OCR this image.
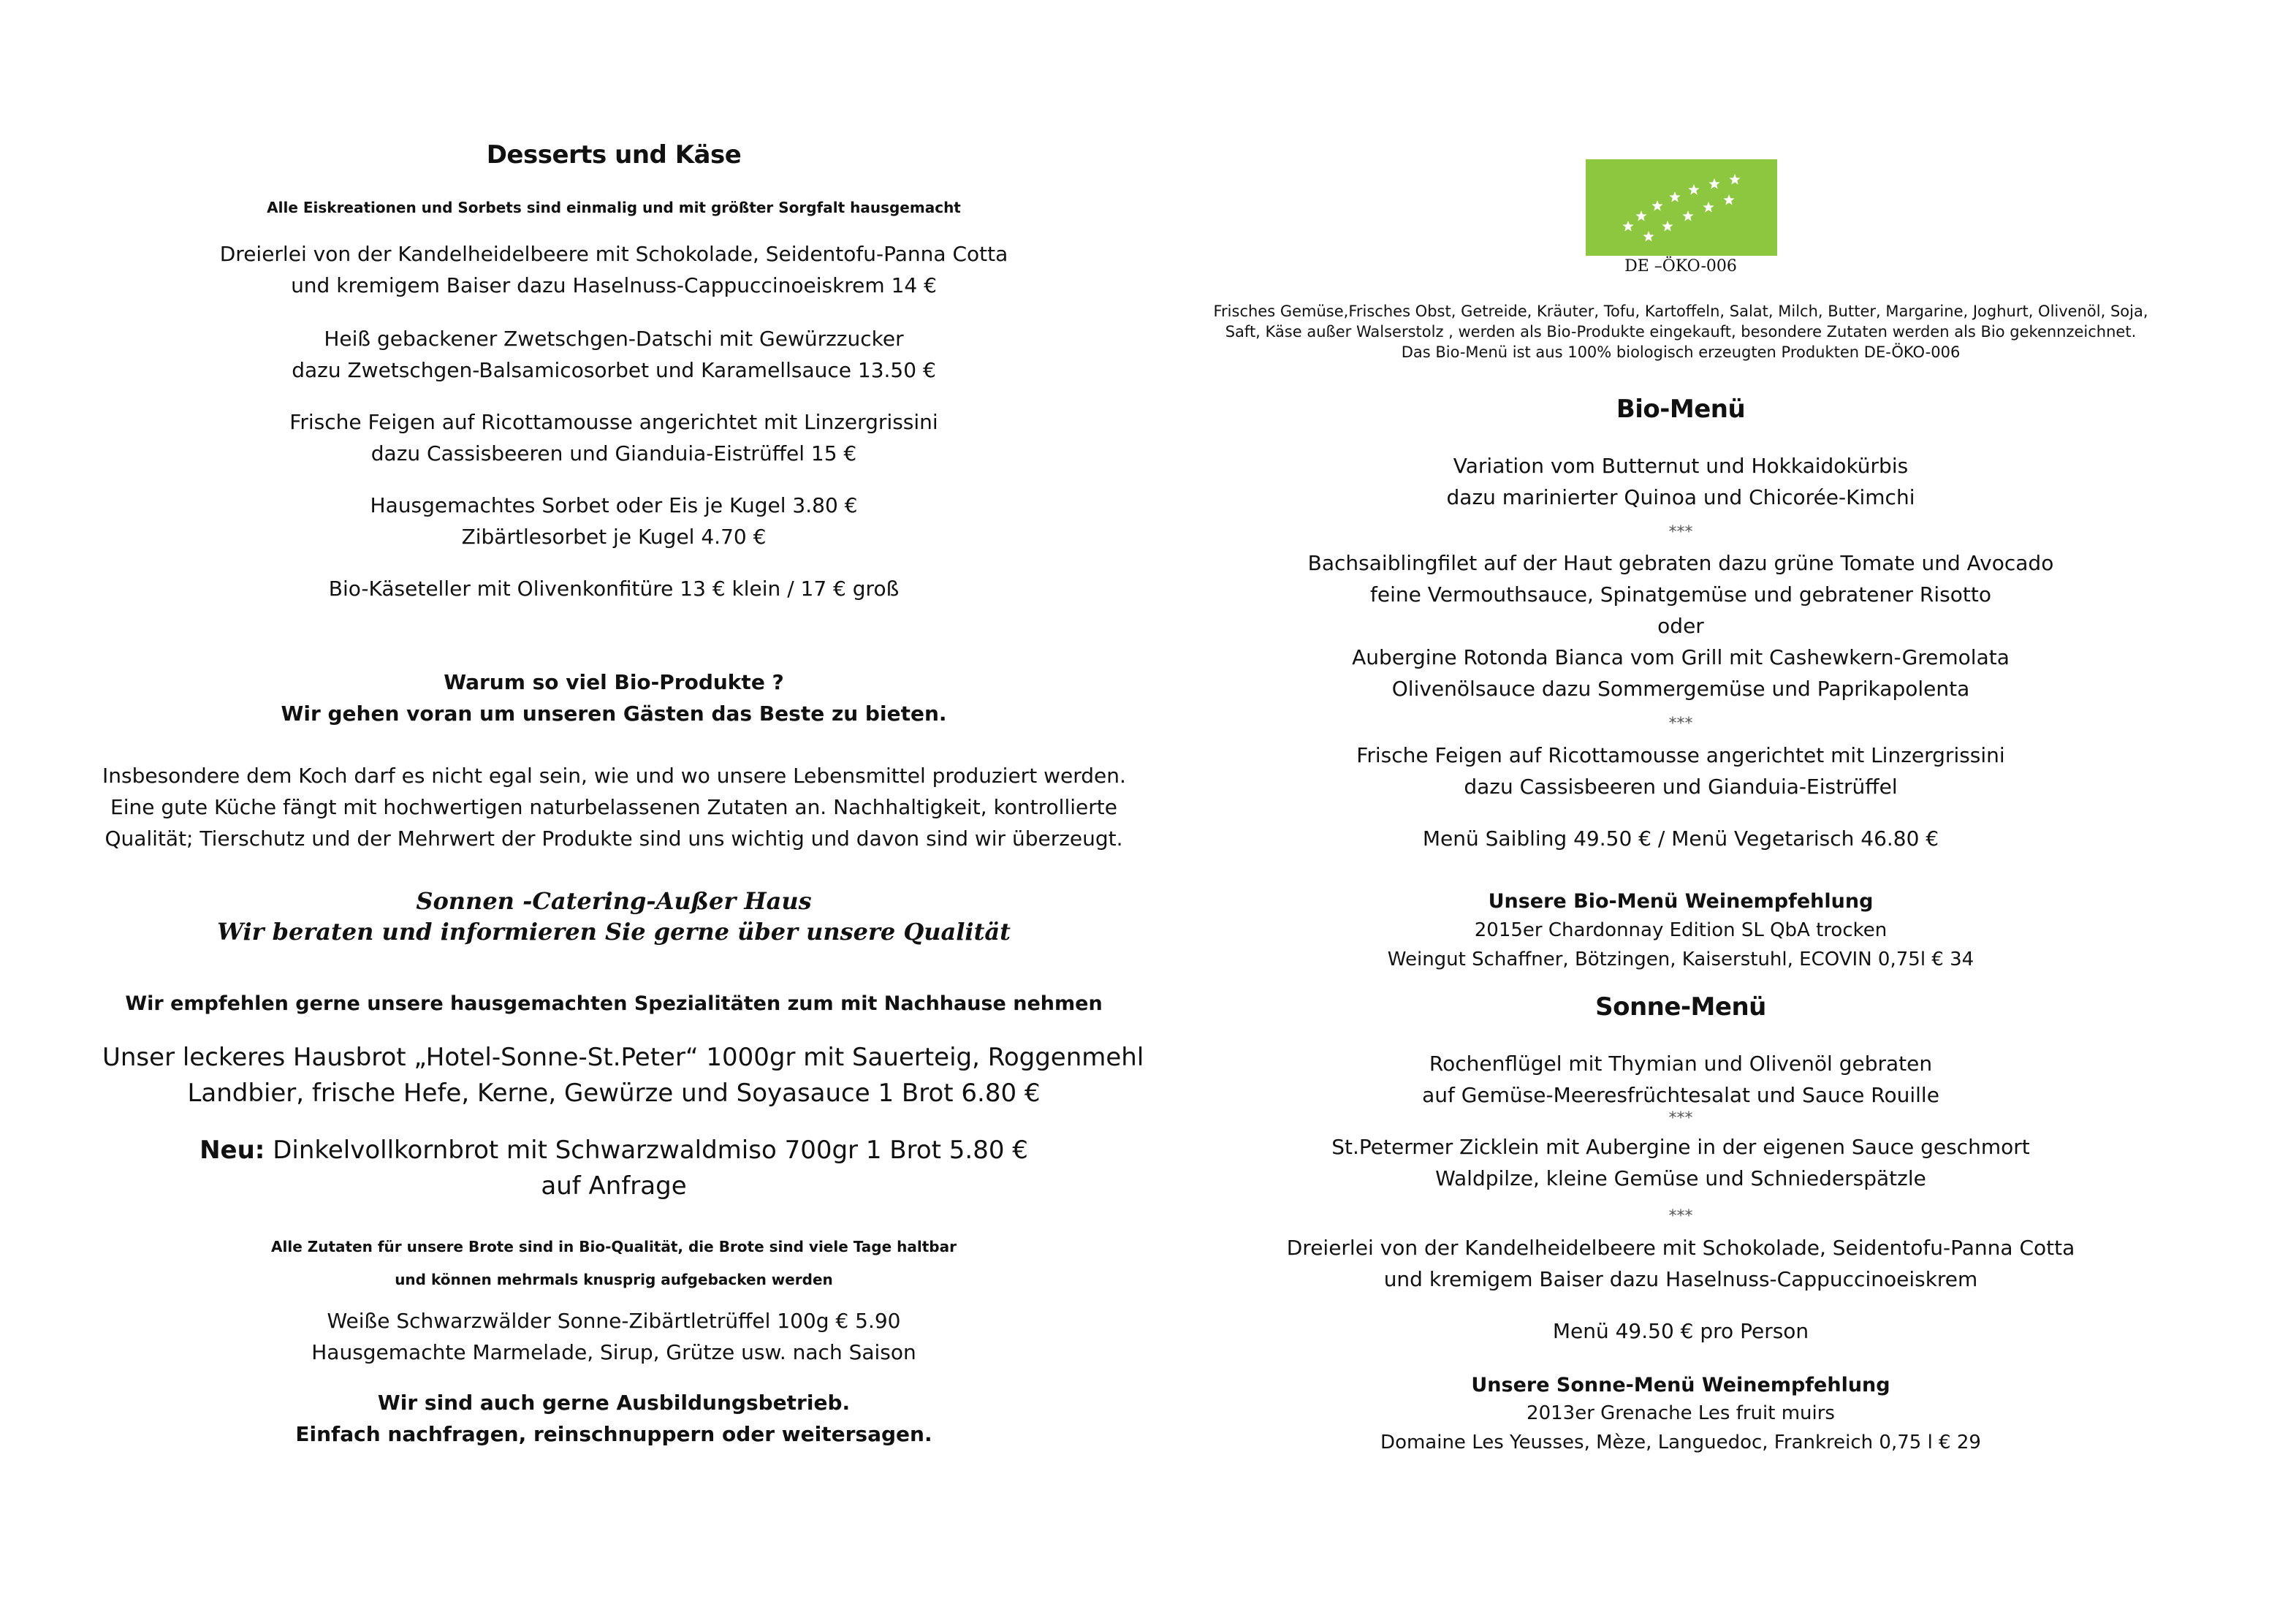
Desserts und Käse
Alle Eiskreationen und Sorbets sind einmalig und mit größter Sorgfalt hausgemacht
Dreierlei von der Kandelheidelbeere mit Schokolade, Seidentofu-Panna Cotta
und kremigem Baiser dazu Haselnuss-Cappuccinoeiskrem 14 €
Heiß gebackener Zwetschgen-Datschi mit Gewürzzucker
dazu Zwetschgen-Balsamicosorbet und Karamellsauce 13.50 €
Frische Feigen auf Ricottamousse angerichtet mit Linzergrissini
dazu Cassisbeeren und Gianduia-Eistrüffel 15 €
Hausgemachtes Sorbet oder Eis je Kugel 3.80 €
Zibärtlesorbet je Kugel 4.70 €
Bio-Käseteller mit Olivenkonfitüre 13 € klein / 17 € groß
Warum so viel Bio-Produkte ?
Wir gehen voran um unseren Gästen das Beste zu bieten.
Insbesondere dem Koch darf es nicht egal sein, wie und wo unsere Lebensmittel produziert werden.
Eine gute Küche fängt mit hochwertigen naturbelassenen Zutaten an. Nachhaltigkeit, kontrollierte
Qualität; Tierschutz und der Mehrwert der Produkte sind uns wichtig und davon sind wir überzeugt.
Sonnen -Catering-Außer Haus
Wir beraten und informieren Sie gerne über unsere Qualität
Wir empfehlen gerne unsere hausgemachten Spezialitäten zum mit Nachhause nehmen
Unser leckeres Hausbrot „Hotel-Sonne-St.Peter“ 1000gr mit Sauerteig, Roggenmehl
Landbier, frische Hefe, Kerne, Gewürze und Soyasauce 1 Brot 6.80 €
Neu: Dinkelvollkornbrot mit Schwarzwaldmiso 700gr 1 Brot 5.80 €
auf Anfrage
Alle Zutaten für unsere Brote sind in Bio-Qualität, die Brote sind viele Tage haltbar
und können mehrmals knusprig aufgebacken werden
Weiße Schwarzwälder Sonne-Zibärtletrüffel 100g € 5.90
Hausgemachte Marmelade, Sirup, Grütze usw. nach Saison
Wir sind auch gerne Ausbildungsbetrieb.
Einfach nachfragen, reinschnuppern oder weitersagen.
DE –ÖKO-006
Frisches Gemüse,Frisches Obst, Getreide, Kräuter, Tofu, Kartoffeln, Salat, Milch, Butter, Margarine, Joghurt, Olivenöl, Soja,
Saft, Käse außer Walserstolz , werden als Bio-Produkte eingekauft, besondere Zutaten werden als Bio gekennzeichnet.
Das Bio-Menü ist aus 100% biologisch erzeugten Produkten DE-ÖKO-006
Bio-Menü
Variation vom Butternut und Hokkaidokürbis
dazu marinierter Quinoa und Chicorée-Kimchi
***
Bachsaiblingfilet auf der Haut gebraten dazu grüne Tomate und Avocado
feine Vermouthsauce, Spinatgemüse und gebratener Risotto
oder
Aubergine Rotonda Bianca vom Grill mit Cashewkern-Gremolata
Olivenölsauce dazu Sommergemüse und Paprikapolenta
***
Frische Feigen auf Ricottamousse angerichtet mit Linzergrissini
dazu Cassisbeeren und Gianduia-Eistrüffel
Menü Saibling 49.50 € / Menü Vegetarisch 46.80 €
Unsere Bio-Menü Weinempfehlung
2015er Chardonnay Edition SL QbA trocken
Weingut Schaffner, Bötzingen, Kaiserstuhl, ECOVIN 0,75l € 34
Sonne-Menü
Rochenflügel mit Thymian und Olivenöl gebraten
auf Gemüse-Meeresfrüchtesalat und Sauce Rouille
***
St.Petermer Zicklein mit Aubergine in der eigenen Sauce geschmort
Waldpilze, kleine Gemüse und Schniederspätzle
***
Dreierlei von der Kandelheidelbeere mit Schokolade, Seidentofu-Panna Cotta
und kremigem Baiser dazu Haselnuss-Cappuccinoeiskrem
Menü 49.50 € pro Person
Unsere Sonne-Menü Weinempfehlung
2013er Grenache Les fruit muirs
Domaine Les Yeusses, Mèze, Languedoc, Frankreich 0,75 l € 29
